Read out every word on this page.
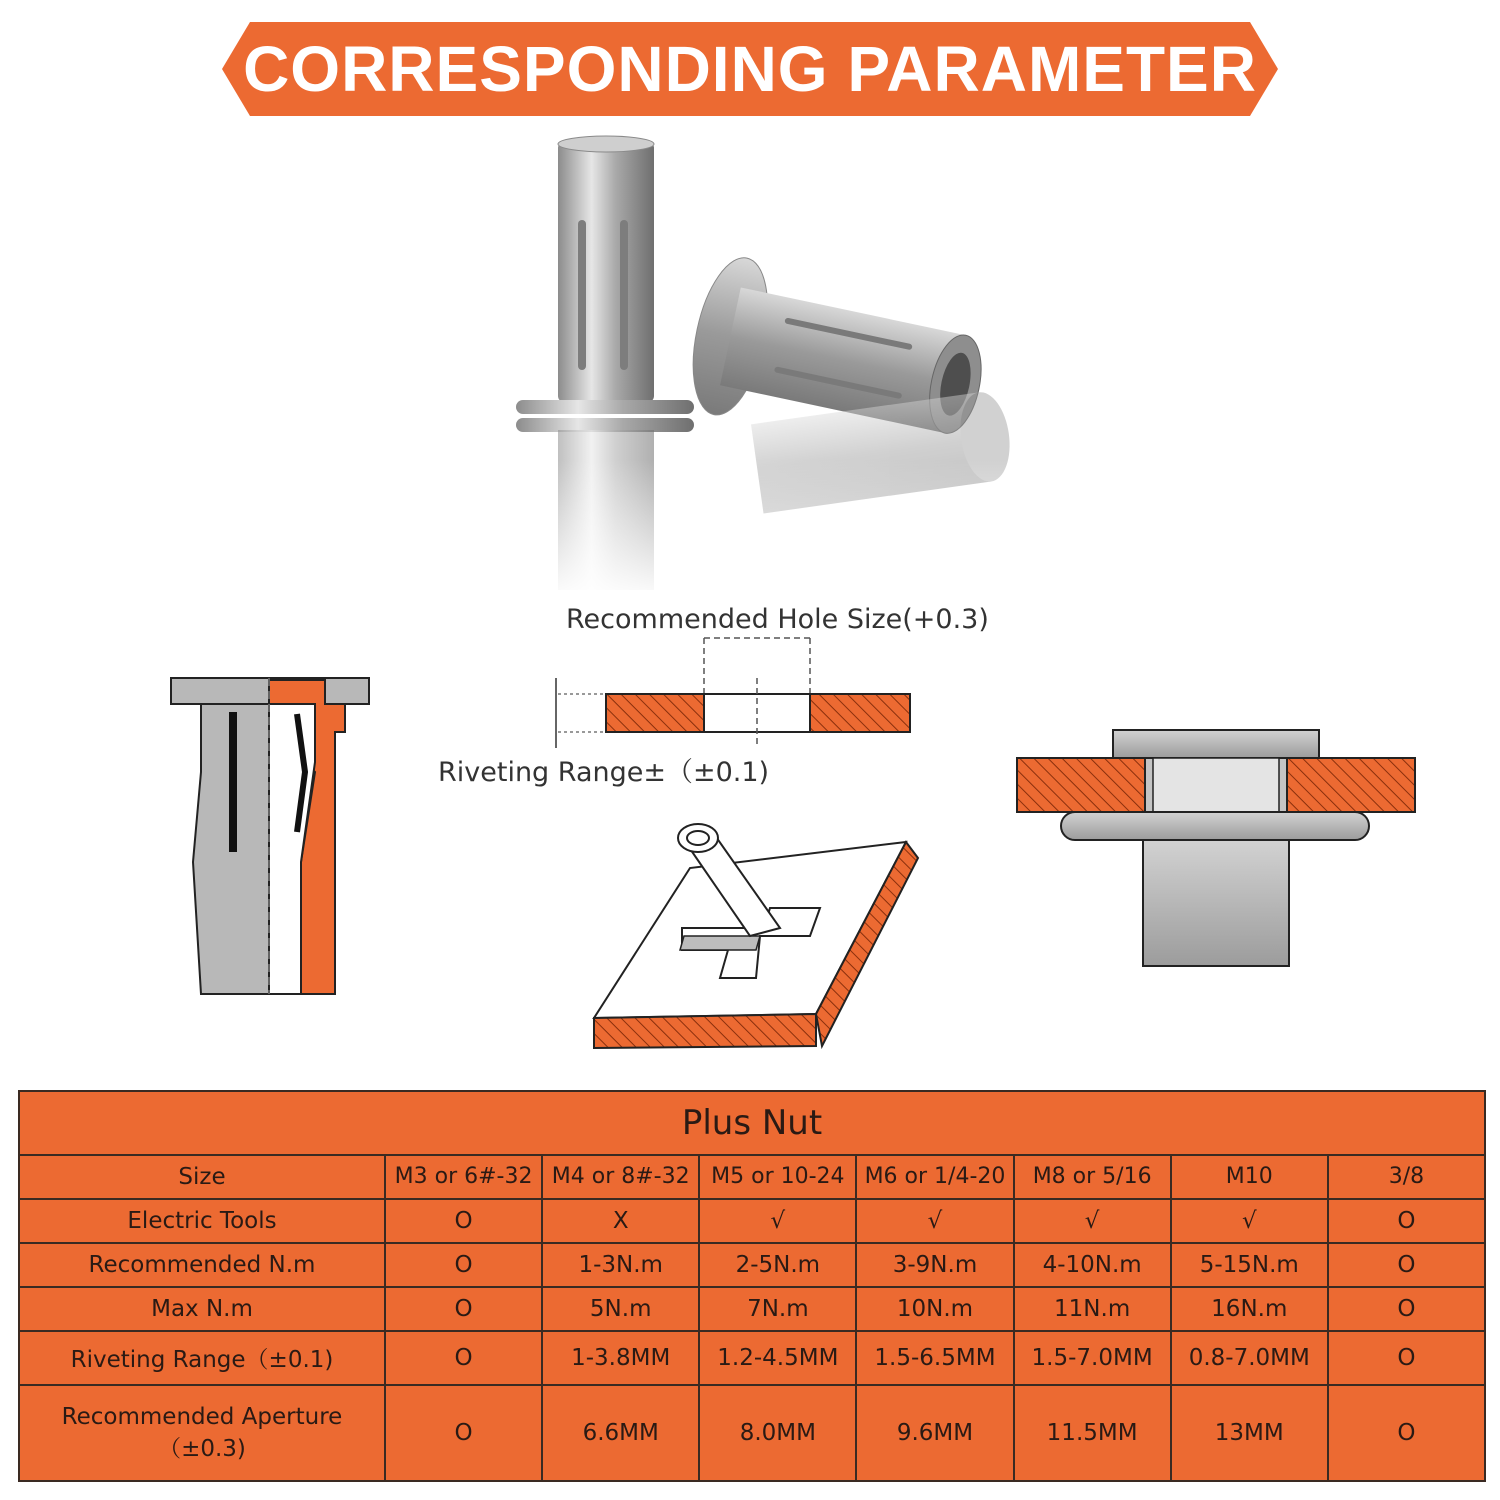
CORRESPONDING PARAMETER
Recommended Hole Size(+0.3)
Riveting Range±（±0.1)
Plus Nut							
Size	M3 or 6#-32	M4 or 8#-32	M5 or 10-24	M6 or 1/4-20	M8 or 5/16	M10	3/8
Electric Tools	O	X	√	√	√	√	O
Recommended N.m	O	1-3N.m	2-5N.m	3-9N.m	4-10N.m	5-15N.m	O
Max N.m	O	5N.m	7N.m	10N.m	11N.m	16N.m	O
Riveting Range（±0.1)	O	1-3.8MM	1.2-4.5MM	1.5-6.5MM	1.5-7.0MM	0.8-7.0MM	O
Recommended Aperture（±0.3)	O	6.6MM	8.0MM	9.6MM	11.5MM	13MM	O
